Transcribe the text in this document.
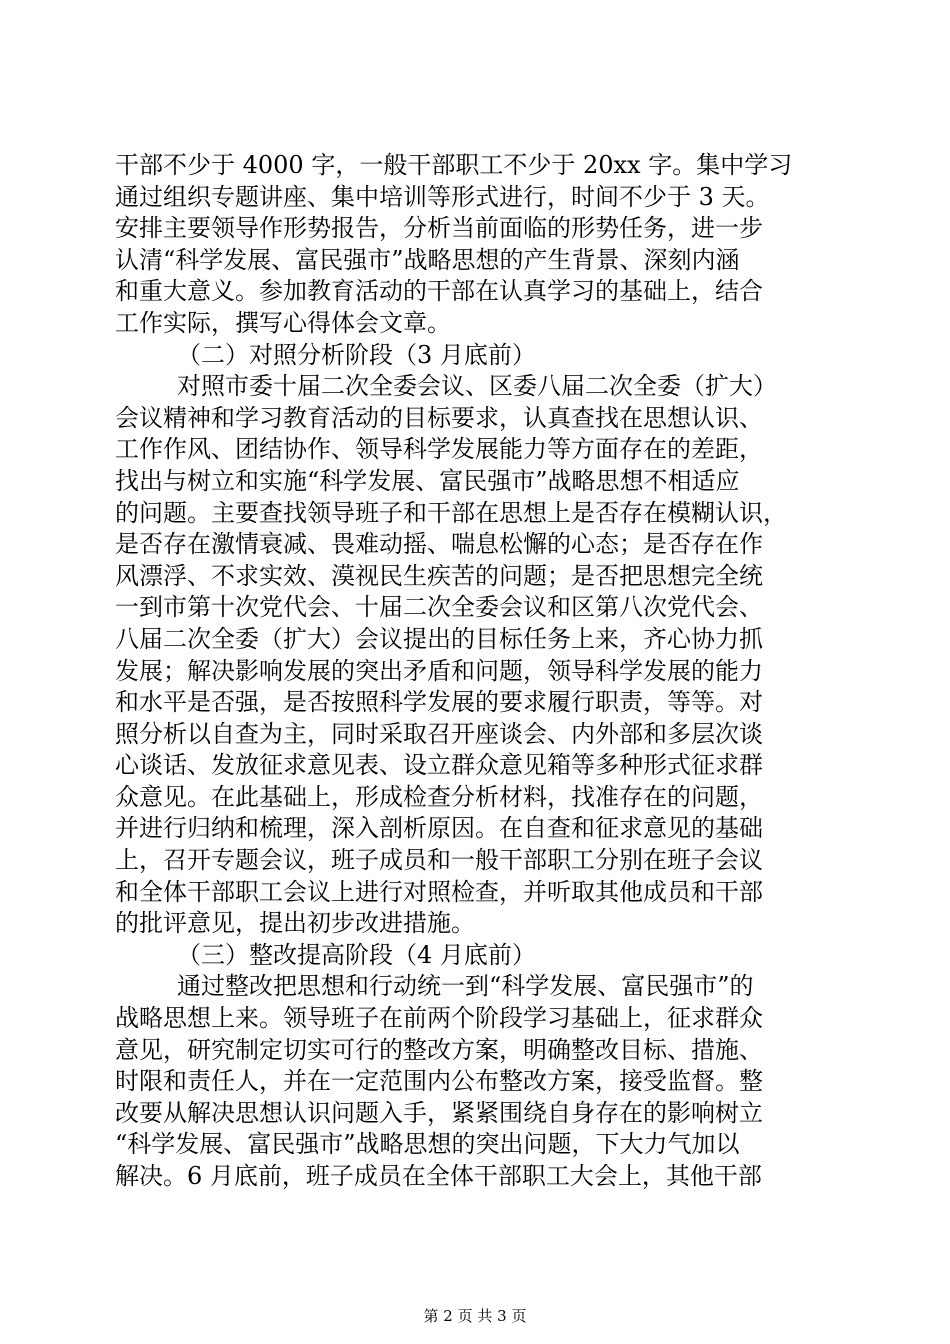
干部不少于 4000 字，一般干部职工不少于 20xx 字。集中学习
通过组织专题讲座、集中培训等形式进行，时间不少于 3 天。
安排主要领导作形势报告，分析当前面临的形势任务，进一步
认清“科学发展、富民强市”战略思想的产生背景、深刻内涵
和重大意义。参加教育活动的干部在认真学习的基础上，结合
工作实际，撰写心得体会文章。
（二）对照分析阶段（3 月底前）
对照市委十届二次全委会议、区委八届二次全委（扩大）
会议精神和学习教育活动的目标要求，认真查找在思想认识、
工作作风、团结协作、领导科学发展能力等方面存在的差距，
找出与树立和实施“科学发展、富民强市”战略思想不相适应
的问题。主要查找领导班子和干部在思想上是否存在模糊认识，
是否存在激情衰减、畏难动摇、喘息松懈的心态；是否存在作
风漂浮、不求实效、漠视民生疾苦的问题；是否把思想完全统
一到市第十次党代会、十届二次全委会议和区第八次党代会、
八届二次全委（扩大）会议提出的目标任务上来，齐心协力抓
发展；解决影响发展的突出矛盾和问题，领导科学发展的能力
和水平是否强，是否按照科学发展的要求履行职责，等等。对
照分析以自查为主，同时采取召开座谈会、内外部和多层次谈
心谈话、发放征求意见表、设立群众意见箱等多种形式征求群
众意见。在此基础上，形成检查分析材料，找准存在的问题，
并进行归纳和梳理，深入剖析原因。在自查和征求意见的基础
上，召开专题会议，班子成员和一般干部职工分别在班子会议
和全体干部职工会议上进行对照检查，并听取其他成员和干部
的批评意见，提出初步改进措施。
（三）整改提高阶段（4 月底前）
通过整改把思想和行动统一到“科学发展、富民强市”的
战略思想上来。领导班子在前两个阶段学习基础上，征求群众
意见，研究制定切实可行的整改方案，明确整改目标、措施、
时限和责任人，并在一定范围内公布整改方案，接受监督。整
改要从解决思想认识问题入手，紧紧围绕自身存在的影响树立
“科学发展、富民强市”战略思想的突出问题，下大力气加以
解决。6 月底前，班子成员在全体干部职工大会上，其他干部
第 2 页 共 3 页
